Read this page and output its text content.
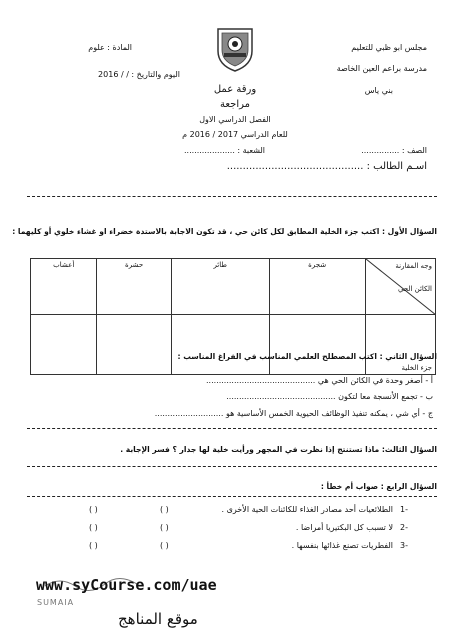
مجلس ابو ظبي للتعليم
مدرسة براعم العين الخاصة
بني ياس
المادة : علوم
اليوم والتاريخ : / / 2016
ورقة عمل
مراجعة
الفصل الدراسي الاول
للعام الدراسي 2017 / 2016 م
الصف : ...............
الشعبة : ....................
اسـم الطالب : ...........................................
السؤال الأول : اكتب جزء الخلية المطابق لكل كائن حي ، قد تكون الاجابة بالاستدة خضراء او غشاء خلوي أو كليهما :
أعشاب	حشرة	طائر	شجرة	وجه المقارنة
الكائن الحي

				جزء الخلية
السؤال الثاني : اكتب المصطلح العلمي المناسب في الفراغ المناسب :
أ - أصغر وحدة في الكائن الحي هي ...........................................
ب - تجمع الأنسجة معا لتكون ...........................................
ج - أي شي ، يمكنه تنفيذ الوظائف الحيوية الخمس الأساسية هو ...........................
السؤال الثالث: ماذا تستنتج إذا نظرت في المجهر ورأيت خلية لها جدار ؟ فسر الإجابة .
السؤال الرابع : صواب أم خطأ :
( )	( )	الطلائعيات أحد مصادر الغذاء للكائنات الحية الأخرى . 1-
( )	( )	لا تسبب كل البكتيريا أمراضا . 2-
( )	( )	الفطريات تصنع غذائها بنفسها . 3-
SUMAIA
www.syCourse.com/uae
موقع المناهج
